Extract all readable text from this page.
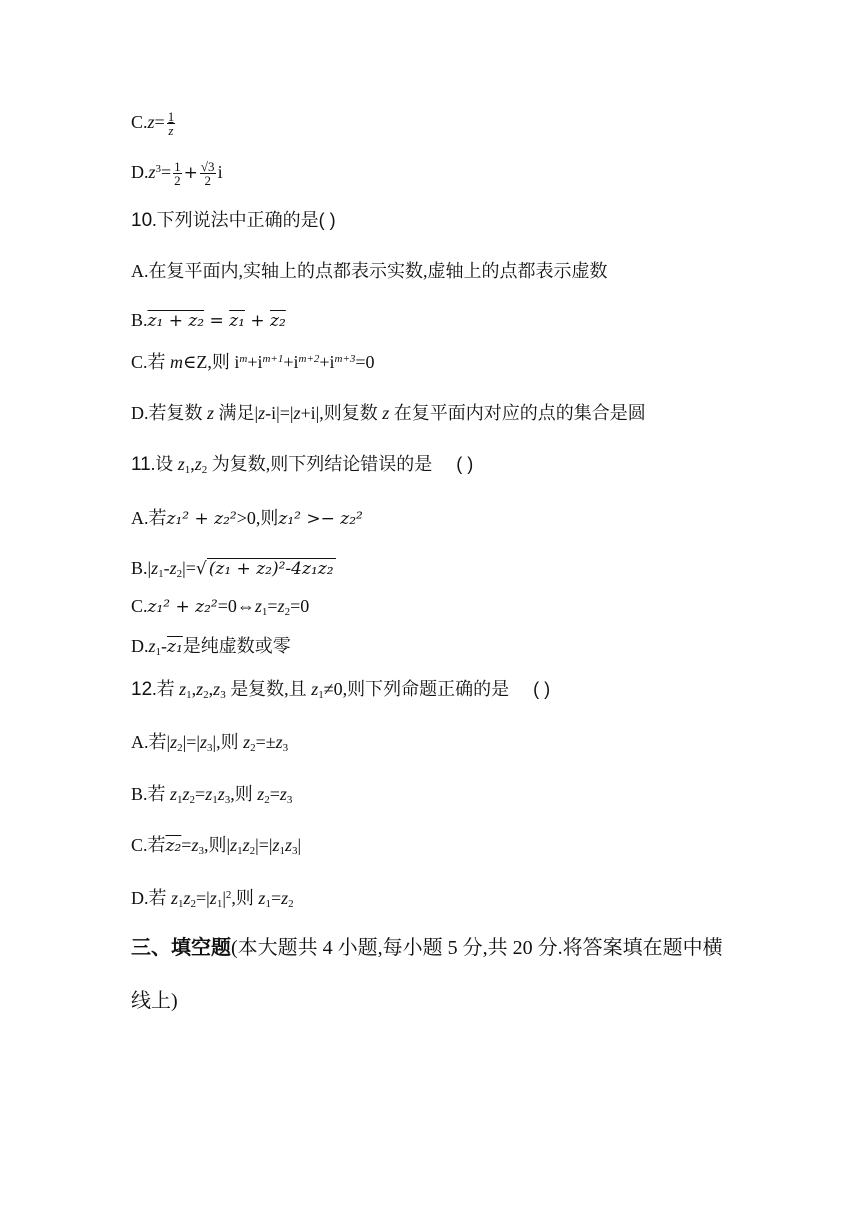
$C.z= \frac{1}{z}$
$D.z^3= \frac{1}{2} + \frac{√3}{2}$ i
10.下列说法中正确的是( )
A.在复平面内,实轴上的点都表示实数,虚轴上的点都表示虚数
B.z₁ + z₂ = z₁ + z₂
C.若 m∈Z,则 $i^m+i^{m+1}+i^{m+2}+i^{m+3}=0$
D.若复数 z 满足|z-i|=|z+i|,则复数 z 在复平面内对应的点的集合是圆
11.设 $z_1,z_2$ 为复数,则下列结论错误的是 ( )
A.若z₁² + z₂²>0,则z₁² >− z₂²
$B.|z_1-z_2|=√$ (z₁ + z₂)²-4z₁z₂
$C.z_1^2 + z_2^2=0\Leftrightarrow z_1=z_2=0$
$D.z_1-z_1$是纯虚数或零
12.若 $z_1,z_2,z_3$ 是复数,且 $z_1\ne 0$,则下列命题正确的是 ( )
A.若$|z_2|=|z_3|$,则 $z_2=\pm z_3$
B.若 $z_1z_2=z_1z_3$,则 $z_2=z_3$
C.若$z_2=z_3$,则$|z_1z_2|=|z_1z_3|$
D.若 $z_1z_2=|z_1|^2$,则 $z_1=z_2$
三、填空题(本大题共 4 小题,每小题 5 分,共 20 分.将答案填在题中横
线上)
